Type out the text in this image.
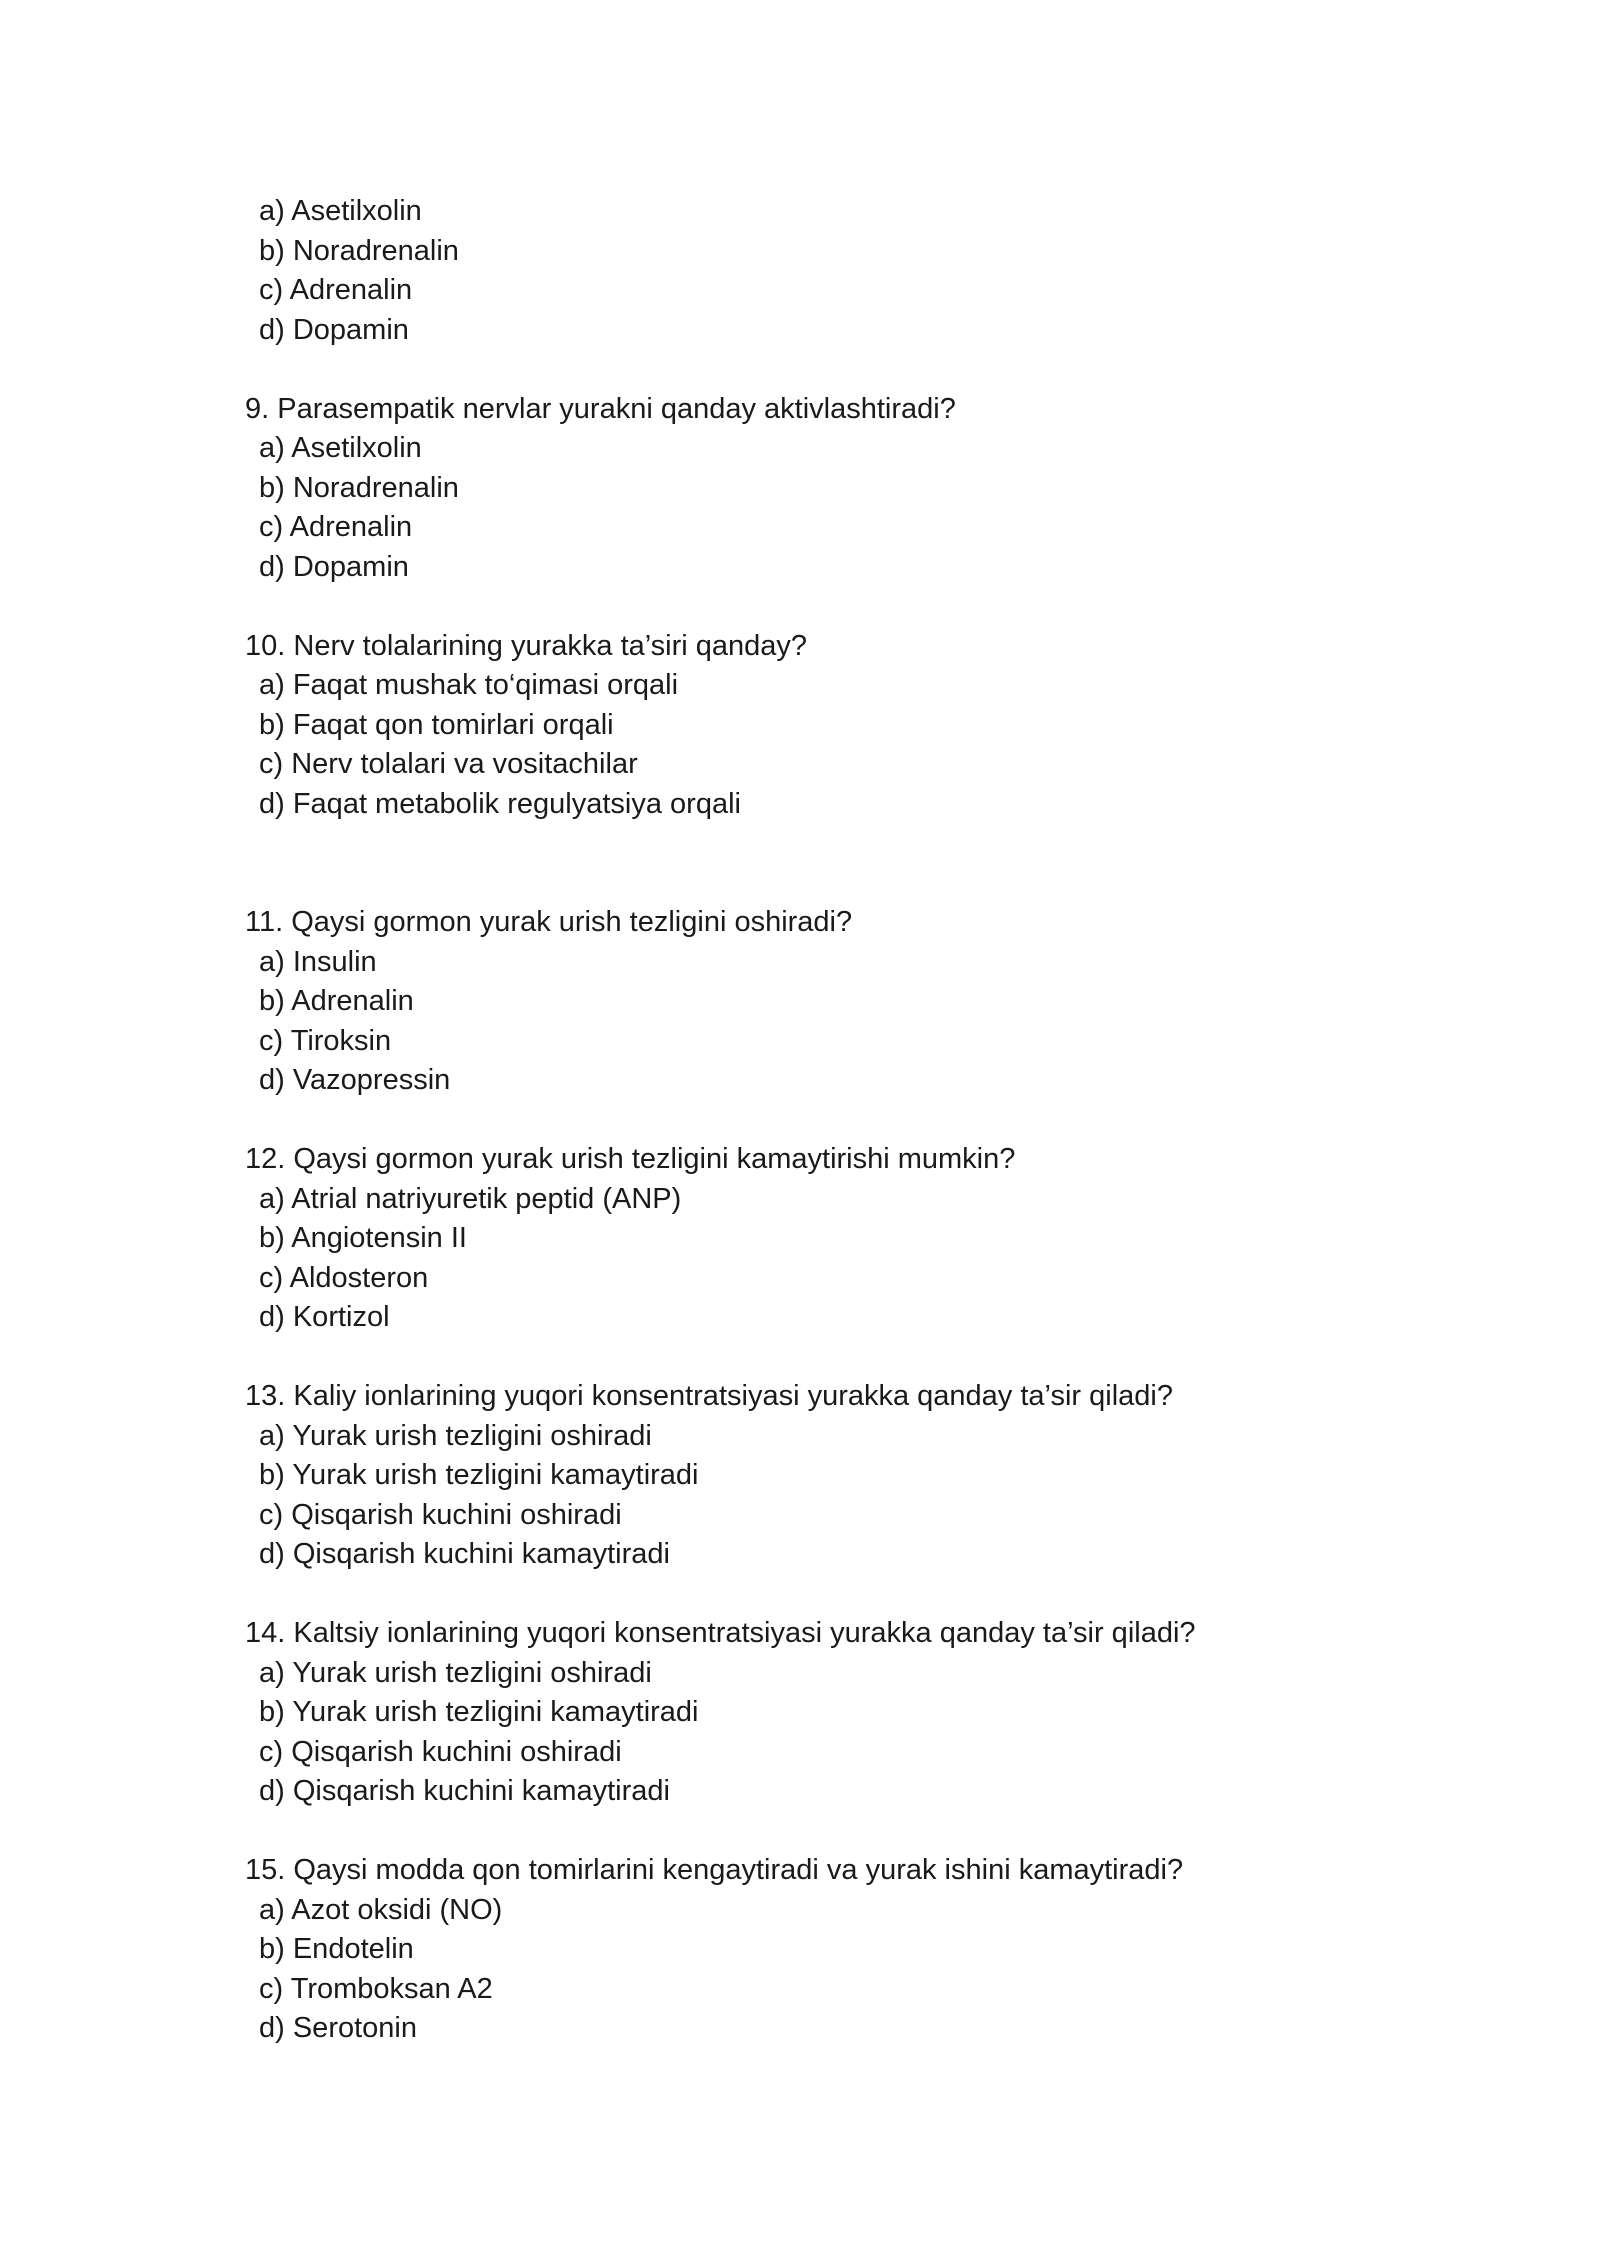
a) Asetilxolin
b) Noradrenalin
c) Adrenalin
d) Dopamin

9. Parasempatik nervlar yurakni qanday aktivlashtiradi?

a) Asetilxolin
b) Noradrenalin
c) Adrenalin
d) Dopamin

10. Nerv tolalarining yurakka ta’siri qanday?

a) Faqat mushak to‘qimasi orqali
b) Faqat qon tomirlari orqali
c) Nerv tolalari va vositachilar
d) Faqat metabolik regulyatsiya orqali

11. Qaysi gormon yurak urish tezligini oshiradi?

a) Insulin
b) Adrenalin
c) Tiroksin
d) Vazopressin

12. Qaysi gormon yurak urish tezligini kamaytirishi mumkin?

a) Atrial natriyuretik peptid (ANP)
b) Angiotensin II
c) Aldosteron
d) Kortizol

13. Kaliy ionlarining yuqori konsentratsiyasi yurakka qanday ta’sir qiladi?

a) Yurak urish tezligini oshiradi
b) Yurak urish tezligini kamaytiradi
c) Qisqarish kuchini oshiradi
d) Qisqarish kuchini kamaytiradi

14. Kaltsiy ionlarining yuqori konsentratsiyasi yurakka qanday ta’sir qiladi?

a) Yurak urish tezligini oshiradi
b) Yurak urish tezligini kamaytiradi
c) Qisqarish kuchini oshiradi
d) Qisqarish kuchini kamaytiradi

15. Qaysi modda qon tomirlarini kengaytiradi va yurak ishini kamaytiradi?

a) Azot oksidi (NO)
b) Endotelin
c) Tromboksan A2
d) Serotonin
